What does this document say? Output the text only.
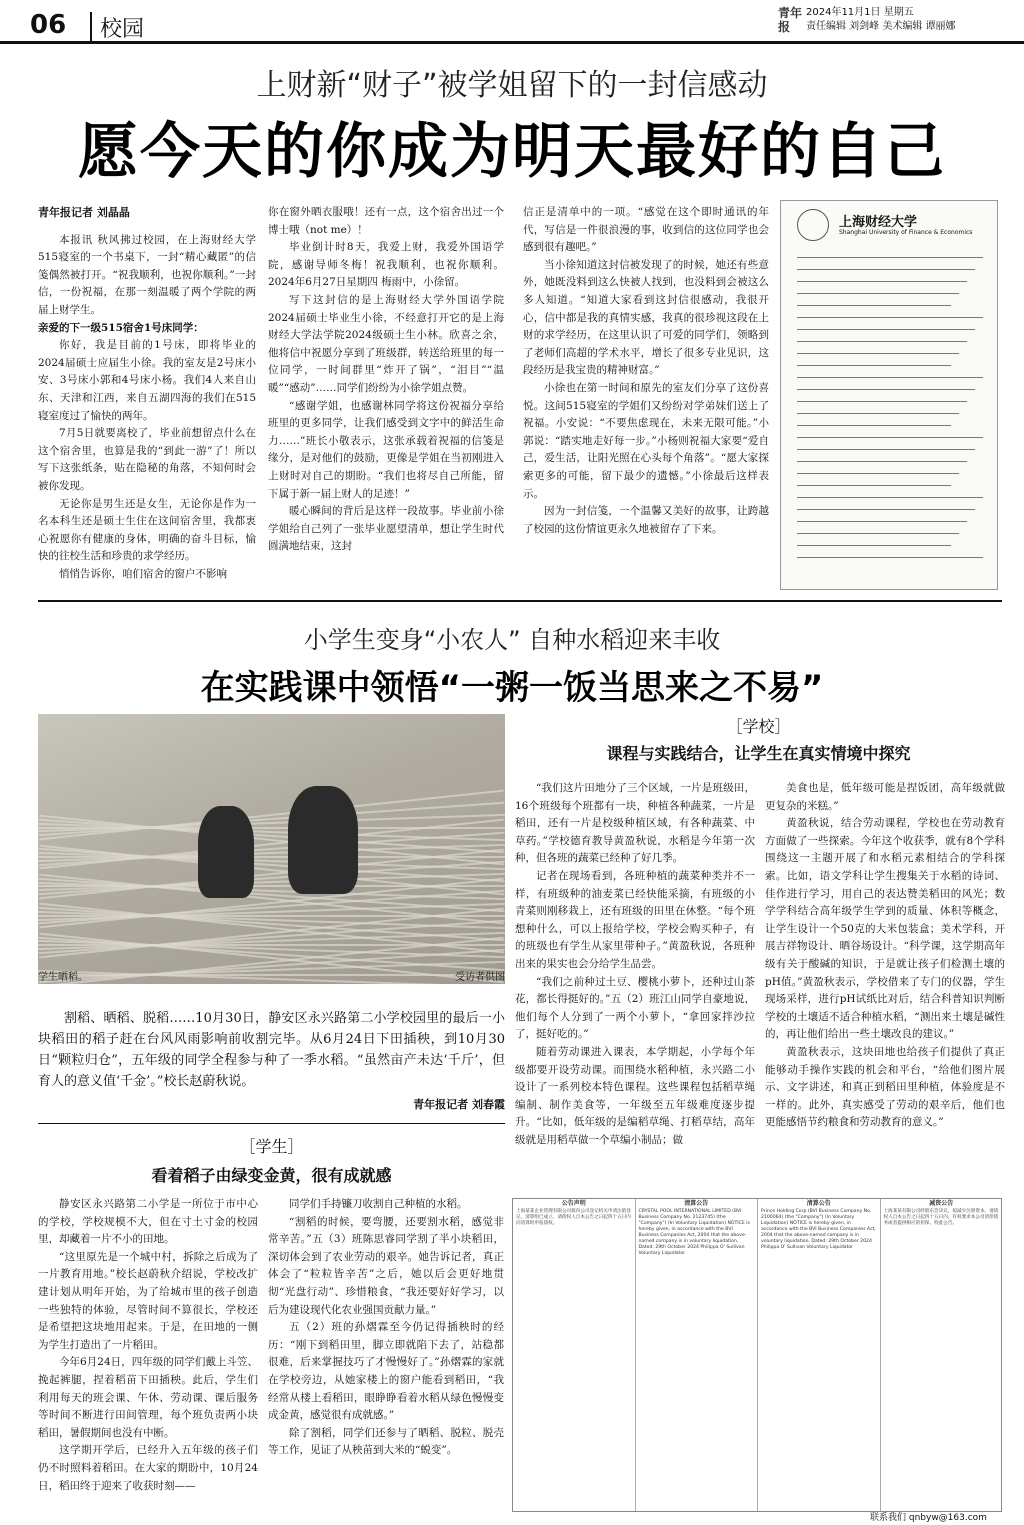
06	校园
青年报
2024年11月1日 星期五
责任编辑 刘剑峰 美术编辑 谭丽娜
上财新“财子”被学姐留下的一封信感动
愿今天的你成为明天最好的自己
青年报记者 刘晶晶

本报讯 秋风拂过校园，在上海财经大学515寝室的一个书桌下，一封“精心藏匿”的信笺偶然被打开。“祝我顺利，也祝你顺利。”一封信，一份祝福，在那一刻温暖了两个学院的两届上财学生。

亲爱的下一级515宿舍1号床同学：

你好，我是目前的1号床，即将毕业的2024届硕士应届生小徐。我的室友是2号床小安、3号床小郭和4号床小杨。我们4人来自山东、天津和江西，来自五湖四海的我们在515寝室度过了愉快的两年。

7月5日就要离校了，毕业前想留点什么在这个宿舍里，也算是我的“到此一游”了！所以写下这张纸条，贴在隐秘的角落，不知何时会被你发现。

无论你是男生还是女生，无论你是作为一名本科生还是硕士生住在这间宿舍里，我都衷心祝愿你有健康的身体，明确的奋斗目标，愉快的往校生活和珍贵的求学经历。

悄悄告诉你，咱们宿舍的窗户不影响

你在窗外晒衣服哦！还有一点，这个宿舍出过一个博士哦（not me）！

毕业倒计时8天，我爱上财，我爱外国语学院，感谢导师冬梅！祝我顺利，也祝你顺利。2024年6月27日星期四 梅雨中，小徐留。

写下这封信的是上海财经大学外国语学院2024届硕士毕业生小徐，不经意打开它的是上海财经大学法学院2024级硕士生小林。欣喜之余，他将信中祝愿分享到了班级群，转送给班里的每一位同学，一时间群里“炸开了锅”，“泪目”“温暖”“感动”……同学们纷纷为小徐学姐点赞。

“感谢学姐，也感谢林同学将这份祝福分享给班里的更多同学，让我们感受到文字中的鲜活生命力……”班长小敬表示，这张承载着祝福的信笺是缘分，是对他们的鼓励，更像是学姐在当初刚进入上财时对自己的期盼。“我们也将尽自己所能，留下属于新一届上财人的足迹！”

暖心瞬间的背后是这样一段故事。毕业前小徐学姐给自己列了一张毕业愿望清单，想让学生时代圆满地结束，这封

信正是清单中的一项。“感觉在这个即时通讯的年代，写信是一件很浪漫的事，收到信的这位同学也会感到很有趣吧。”

当小徐知道这封信被发现了的时候，她还有些意外，她既没料到这么快被人找到，也没料到会被这么多人知道。“知道大家看到这封信很感动，我很开心，信中都是我的真情实感，我真的很珍视这段在上财的求学经历，在这里认识了可爱的同学们，领略到了老师们高超的学术水平，增长了很多专业见识，这段经历是我宝贵的精神财富。”

小徐也在第一时间和原先的室友们分享了这份喜悦。这间515寝室的学姐们又纷纷对学弟妹们送上了祝福。小安说：“不要焦虑现在，未来无限可能。”小郭说：“踏实地走好每一步。”小杨则祝福大家要“爱自己，爱生活，让阳光照在心头每个角落”。“愿大家探索更多的可能，留下最少的遗憾。”小徐最后这样表示。

因为一封信笺，一个温馨又美好的故事，让跨越了校园的这份情谊更永久地被留存了下来。

上海财经大学
Shanghai University of Finance & Economics
小学生变身“小农人” 自种水稻迎来丰收
在实践课中领悟“一粥一饭当思来之不易”
学生晒稻。	受访者供图

割稻、晒稻、脱稻……10月30日，静安区永兴路第二小学校园里的最后一小块稻田的稻子赶在台风风雨影响前收割完毕。从6月24日下田插秧，到10月30日“颗粒归仓”，五年级的同学全程参与种了一季水稻。“虽然亩产未达‘千斤’，但育人的意义值‘千金’。”校长赵蔚秋说。

青年报记者 刘春霞
［学校］
课程与实践结合，让学生在真实情境中探究

“我们这片田地分了三个区域，一片是班级田，16个班级每个班都有一块，种植各种蔬菜，一片是稻田，还有一片是校级种植区域，有各种蔬菜、中草药。”学校德育教导黄盈秋说，水稻是今年第一次种，但各班的蔬菜已经种了好几季。

记者在现场看到，各班种植的蔬菜种类并不一样，有班级种的油麦菜已经快能采摘，有班级的小青菜则刚移栽上，还有班级的田里在休整。“每个班想种什么，可以上报给学校，学校会购买种子，有的班级也有学生从家里带种子。”黄盈秋说，各班种出来的果实也会分给学生品尝。

“我们之前种过土豆、樱桃小萝卜，还种过山茶花，都长得挺好的。”五（2）班江山同学自豪地说，他们每个人分到了一两个小萝卜，“拿回家拌沙拉了，挺好吃的。”

随着劳动课进入课表，本学期起，小学每个年级都要开设劳动课。而围绕水稻种植，永兴路二小设计了一系列校本特色课程。这些课程包括稻草绳编制、制作美食等，一年级至五年级难度逐步提升。“比如，低年级的是编稻草绳、打稻草结，高年级就是用稻草做一个草编小制品；做

美食也是，低年级可能是捏饭团，高年级就做更复杂的米糕。”

黄盈秋说，结合劳动课程，学校也在劳动教育方面做了一些探索。今年这个收获季，就有8个学科围绕这一主题开展了和水稻元素相结合的学科探索。比如，语文学科让学生搜集关于水稻的诗词、佳作进行学习，用自己的表达赞美稻田的风光；数学学科结合高年级学生学到的质量、体积等概念，让学生设计一个50克的大米包装盒；美术学科，开展吉祥物设计、晒谷场设计。“科学课，这学期高年级有关于酸碱的知识，于是就让孩子们检测土壤的pH值。”黄盈秋表示，学校借来了专门的仪器，学生现场采样，进行pH试纸比对后，结合科普知识判断学校的土壤适不适合种植水稻，“测出来土壤是碱性的，再让他们给出一些土壤改良的建议。”

黄盈秋表示，这块田地也给孩子们提供了真正能够动手操作实践的机会和平台，“给他们图片展示、文字讲述，和真正到稻田里种植，体验度是不一样的。此外，真实感受了劳动的艰辛后，他们也更能感悟节约粮食和劳动教育的意义。”

［学生］
看着稻子由绿变金黄，很有成就感

静安区永兴路第二小学是一所位于市中心的学校，学校规模不大，但在寸土寸金的校园里，却藏着一片不小的田地。

“这里原先是一个城中村，拆除之后成为了一片教育用地。”校长赵蔚秋介绍说，学校改扩建计划从明年开始，为了给城市里的孩子创造一些独特的体验，尽管时间不算很长，学校还是希望把这块地用起来。于是，在田地的一侧为学生打造出了一片稻田。

今年6月24日，四年级的同学们戴上斗笠、挽起裤腿，捏着稻苗下田插秧。此后，学生们利用每天的班会课、午休、劳动课、课后服务等时间不断进行田间管理，每个班负责两小块稻田，暑假期间也没有中断。

这学期开学后，已经升入五年级的孩子们仍不时照料着稻田。在大家的期盼中，10月24日，稻田终于迎来了收获时刻——

同学们手持镰刀收割自己种植的水稻。

“割稻的时候，要弯腰，还要割水稻，感觉非常辛苦。”五（3）班陈思睿同学割了半小块稻田，深切体会到了农业劳动的艰辛。她告诉记者，真正体会了“粒粒皆辛苦”之后，她以后会更好地贯彻“光盘行动”、珍惜粮食，“我还要好好学习，以后为建设现代化农业强国贡献力量。”

五（2）班的孙熠霖至今仍记得插秧时的经历：“刚下到稻田里，脚立即就陷下去了，站稳都很难，后来掌握技巧了才慢慢好了。”孙熠霖的家就在学校旁边，从她家楼上的窗户能看到稻田，“我经常从楼上看稻田，眼睁睁看着水稻从绿色慢慢变成金黄，感觉很有成就感。”

除了割稻，同学们还参与了晒稻、脱粒、脱壳等工作，见证了从秧苗到大米的“蜕变”。

公告声明
上海某某企业管理有限公司拟向公司登记机关申请注销登记，清算组已成立，请债权人自本公告之日起四十五日内向清算组申报债权。
清算公告
CRYSTAL POOL INTERNATIONAL LIMITED (BVI Business Company No. 2123745) (the "Company") (In Voluntary Liquidation) NOTICE is hereby given, in accordance with the BVI Business Companies Act, 2004 that the above-named company is in voluntary liquidation. Dated: 29th October 2024 Philippa O' Sullivan Voluntary Liquidator
清算公告
Prince Holding Corp (BVI Business Company No. 2100064) (the "Company") (In Voluntary Liquidation) NOTICE is hereby given, in accordance with the BVI Business Companies Act, 2004 that the above-named company is in voluntary liquidation. Dated: 29th October 2024 Philippa O' Sullivan Voluntary Liquidator
减资公告
上海某某有限公司经股东会决议，拟减少注册资本，请债权人自本公告之日起四十五日内，有权要求本公司清偿债务或者提供相应的担保。特此公告。
联系我们 qnbyw@163.com
